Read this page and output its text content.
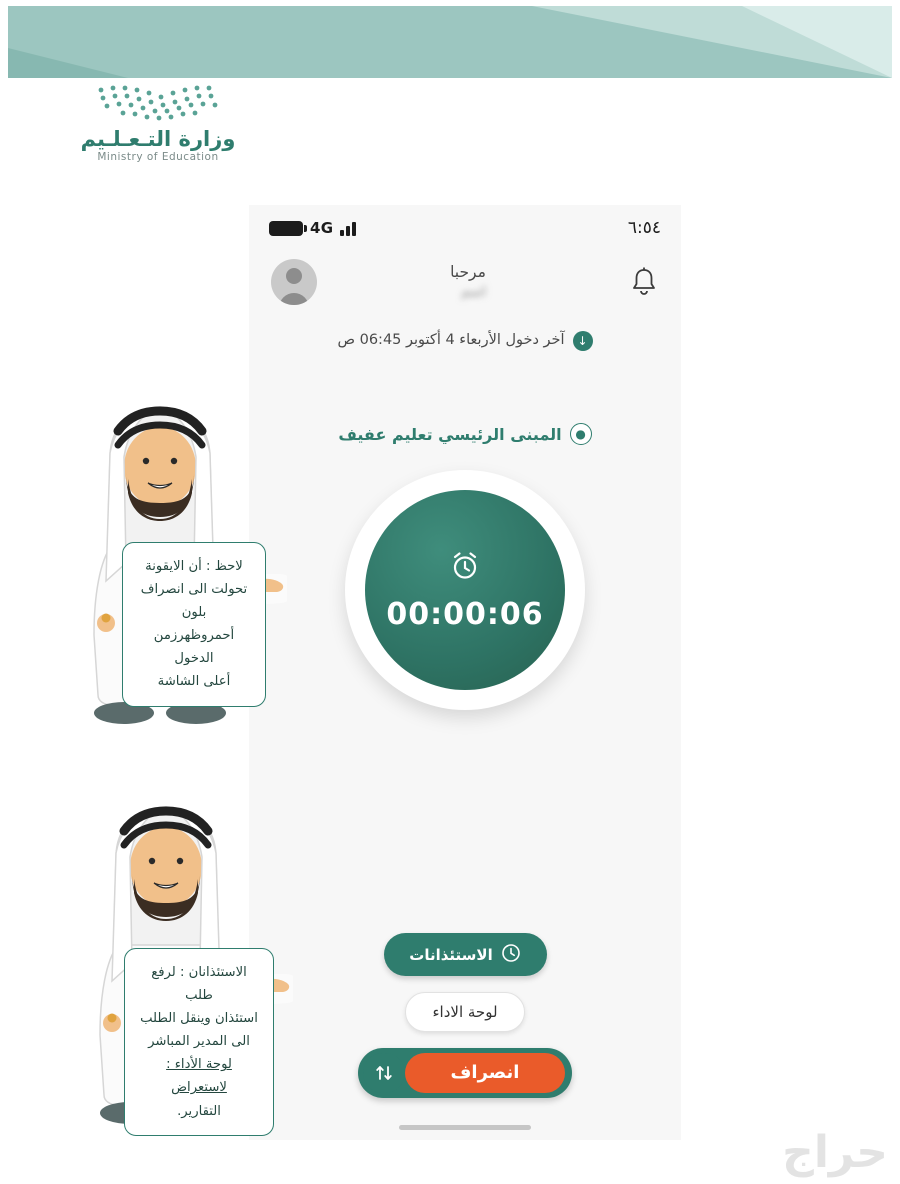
وزارة التـعـلـيم
Ministry of Education
4G	٦:٥٤
مرحبا
اسم
↓
آخر دخول الأربعاء 4 أكتوبر 06:45 ص
●
المبنى الرئيسي تعليم عفيف
00:00:06
الاستئذانات
لوحة الاداء
انصراف
لاحظ : أن الايقونة
تحولت الى انصراف بلون
أحمروظهرزمن الدخول
أعلى الشاشة
الاستئذانان : لرفع طلب
استئذان وينقل الطلب
الى المدير المباشر
لوحة الأداء : لاستعراض
التقارير.
حراج
